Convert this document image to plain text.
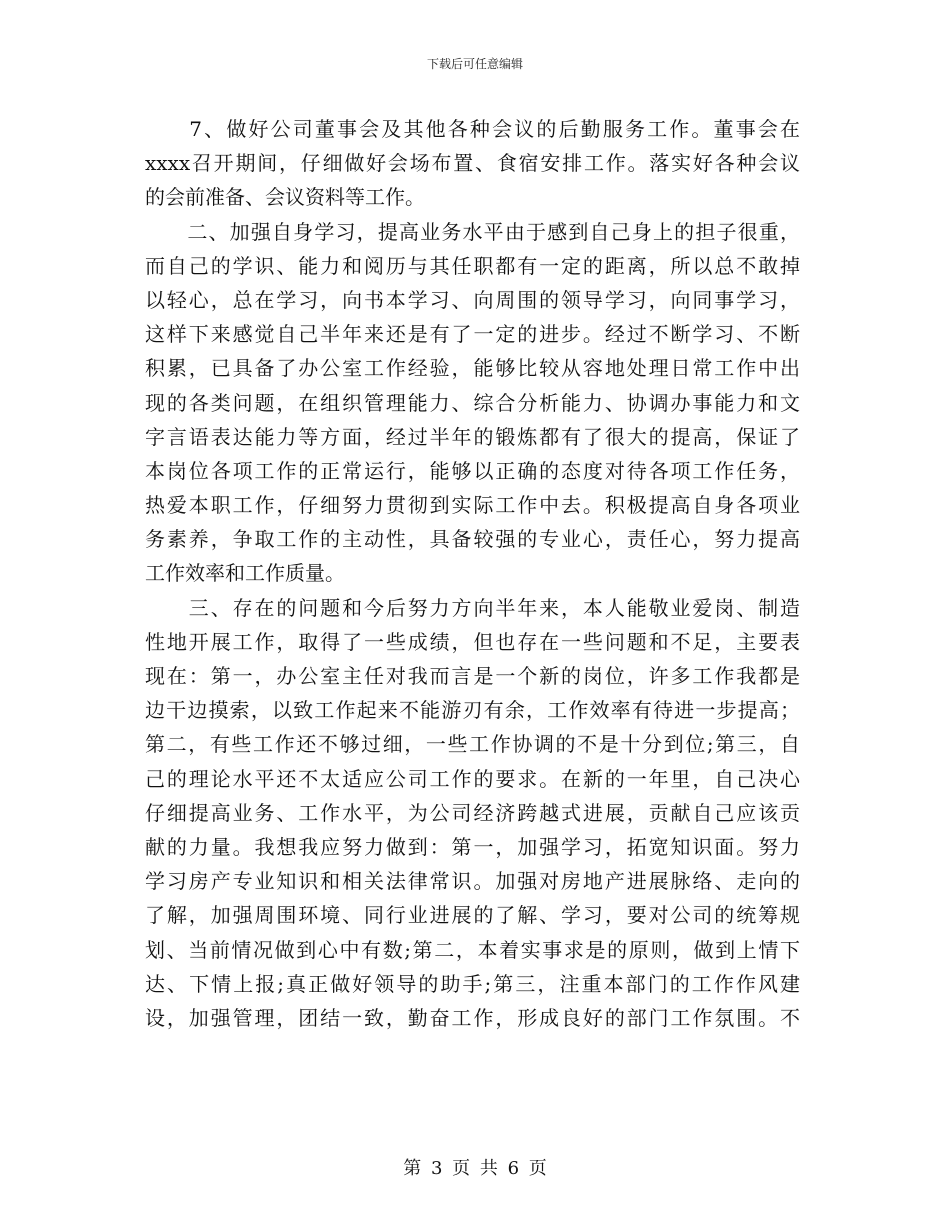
下载后可任意编辑
　　7、做好公司董事会及其他各种会议的后勤服务工作。董事会在
xxxx召开期间，仔细做好会场布置、食宿安排工作。落实好各种会议
的会前准备、会议资料等工作。
　　二、加强自身学习，提高业务水平由于感到自己身上的担子很重，
而自己的学识、能力和阅历与其任职都有一定的距离，所以总不敢掉
以轻心，总在学习，向书本学习、向周围的领导学习，向同事学习，
这样下来感觉自己半年来还是有了一定的进步。经过不断学习、不断
积累，已具备了办公室工作经验，能够比较从容地处理日常工作中出
现的各类问题，在组织管理能力、综合分析能力、协调办事能力和文
字言语表达能力等方面，经过半年的锻炼都有了很大的提高，保证了
本岗位各项工作的正常运行，能够以正确的态度对待各项工作任务，
热爱本职工作，仔细努力贯彻到实际工作中去。积极提高自身各项业
务素养，争取工作的主动性，具备较强的专业心，责任心，努力提高
工作效率和工作质量。
　　三、存在的问题和今后努力方向半年来，本人能敬业爱岗、制造
性地开展工作，取得了一些成绩，但也存在一些问题和不足，主要表
现在：第一，办公室主任对我而言是一个新的岗位，许多工作我都是
边干边摸索，以致工作起来不能游刃有余，工作效率有待进一步提高；
第二，有些工作还不够过细，一些工作协调的不是十分到位;第三，自
己的理论水平还不太适应公司工作的要求。在新的一年里，自己决心
仔细提高业务、工作水平，为公司经济跨越式进展，贡献自己应该贡
献的力量。我想我应努力做到：第一，加强学习，拓宽知识面。努力
学习房产专业知识和相关法律常识。加强对房地产进展脉络、走向的
了解，加强周围环境、同行业进展的了解、学习，要对公司的统筹规
划、当前情况做到心中有数;第二，本着实事求是的原则，做到上情下
达、下情上报;真正做好领导的助手;第三，注重本部门的工作作风建
设，加强管理，团结一致，勤奋工作，形成良好的部门工作氛围。不
第 3 页 共 6 页
